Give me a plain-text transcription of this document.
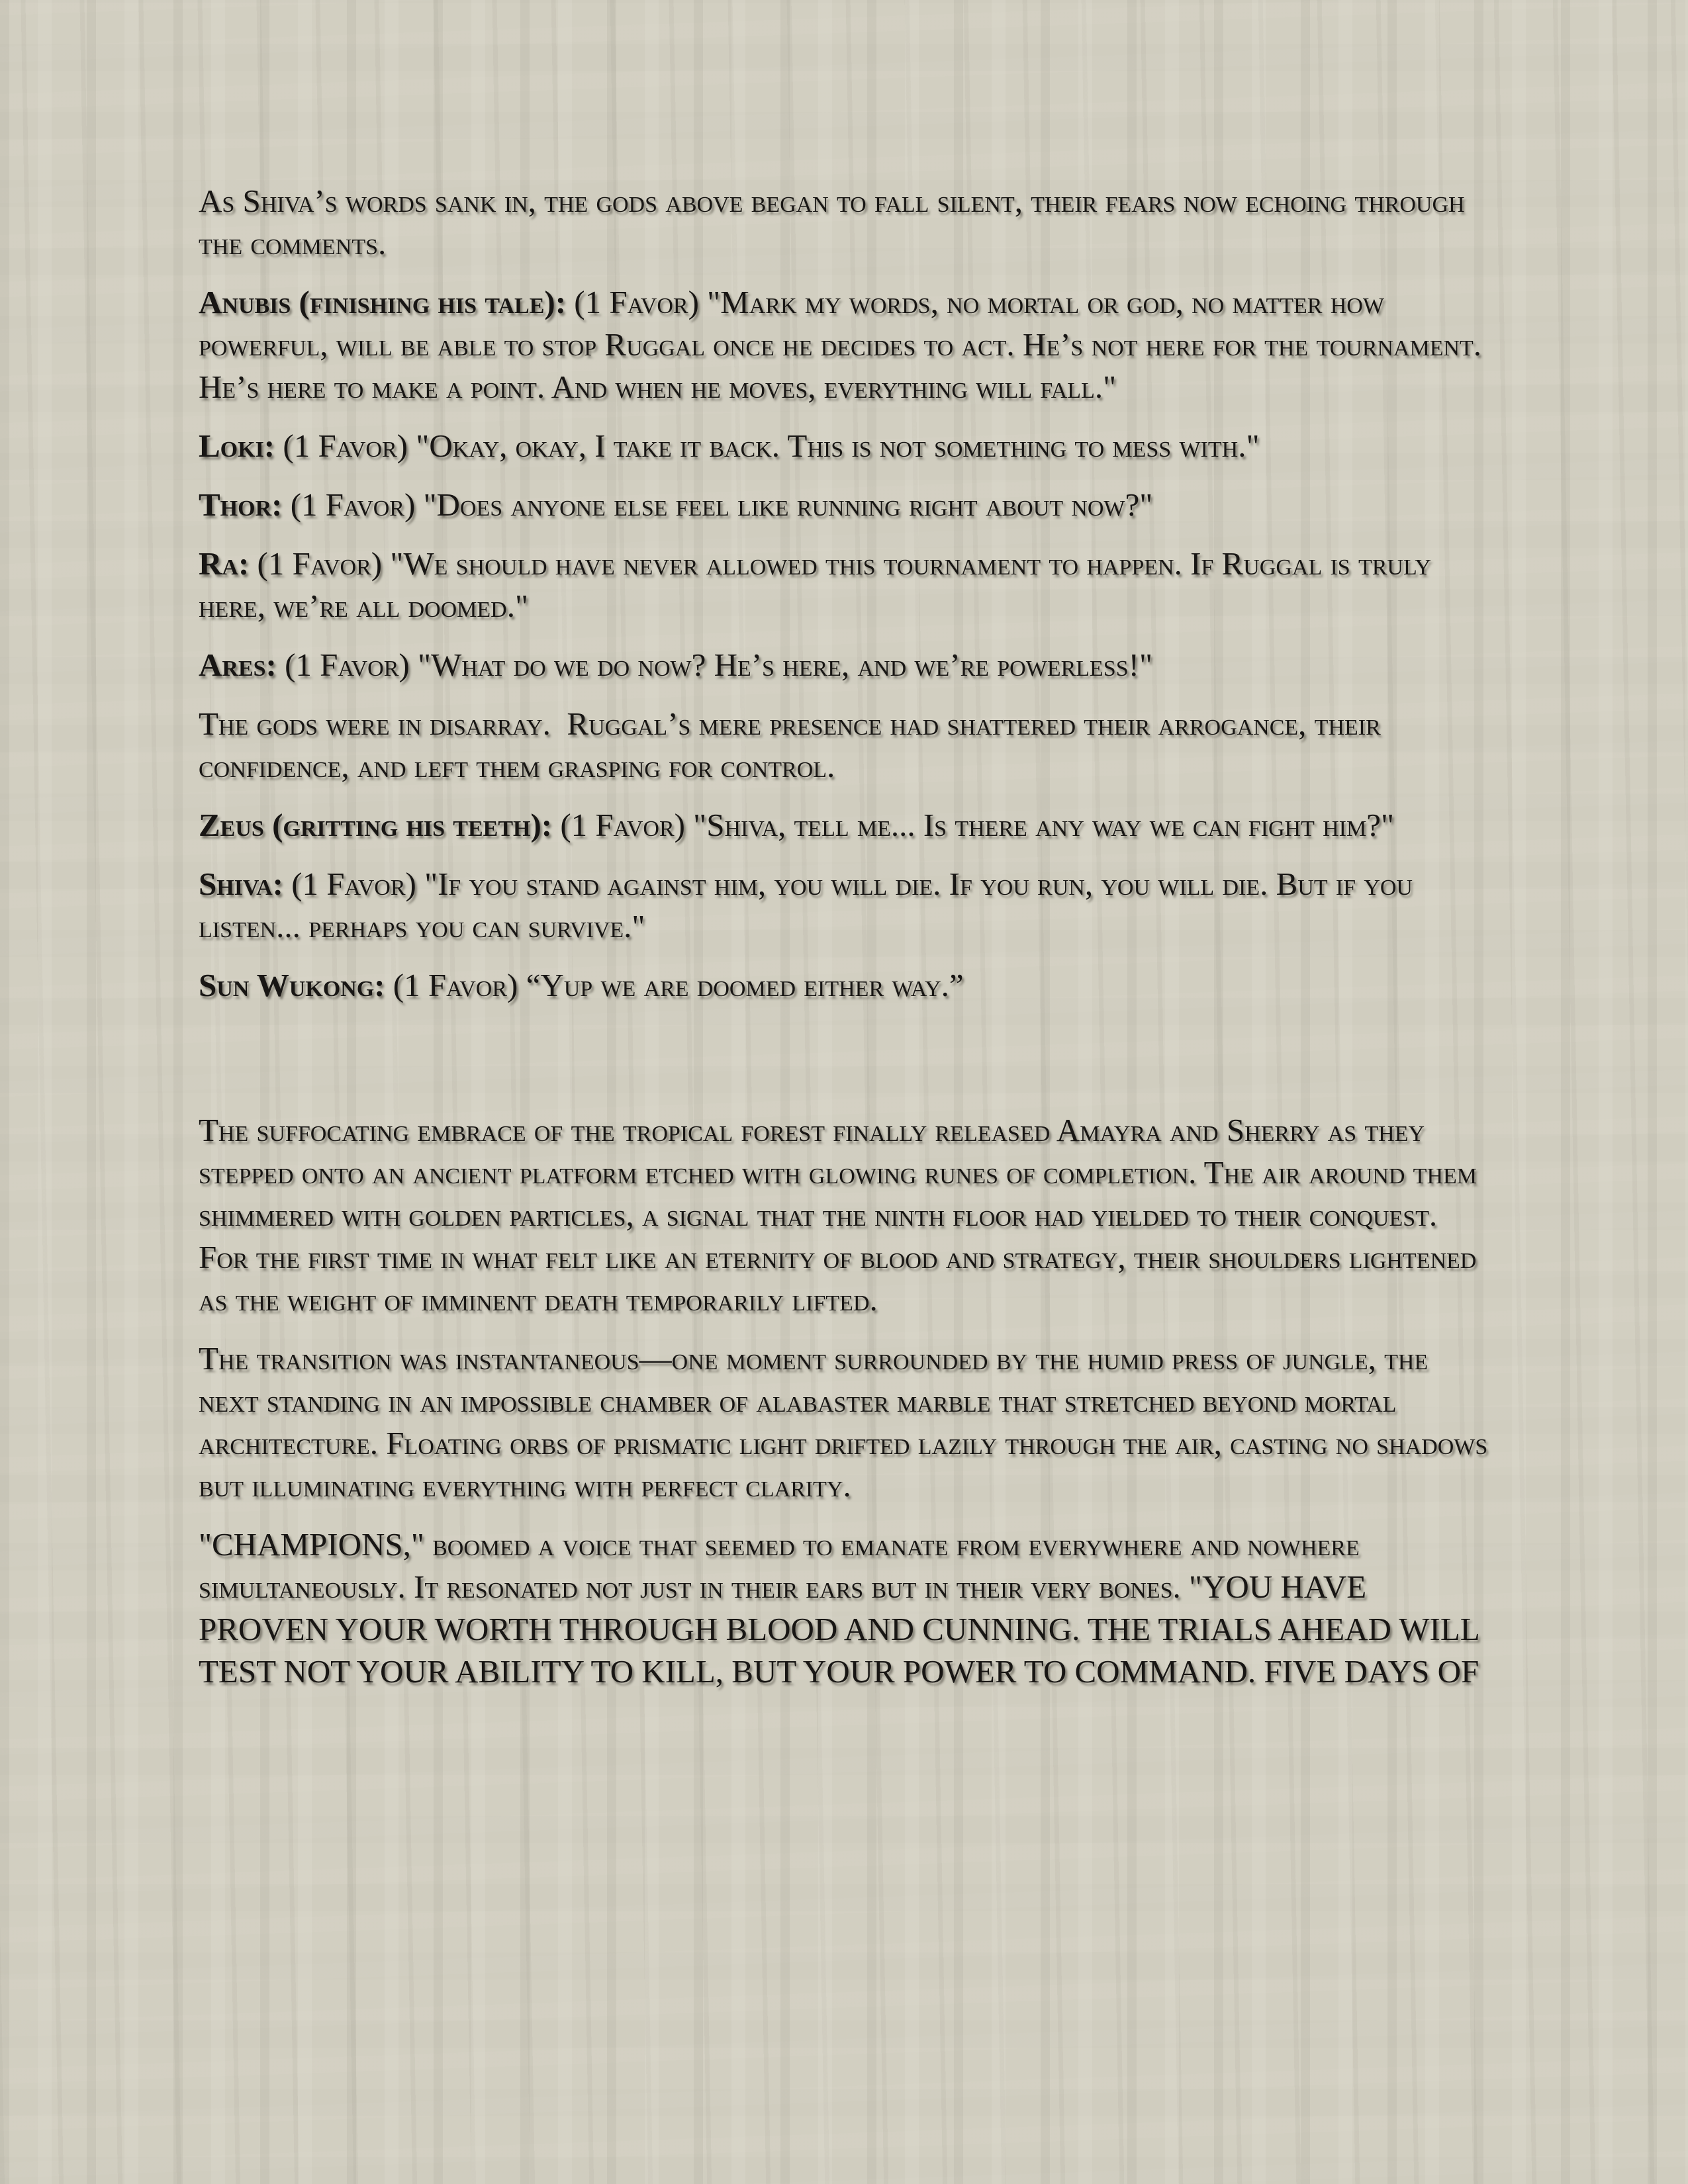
As Shiva’s words sank in, the gods above began to fall silent, their fears now echoing through the comments.

Anubis (finishing his tale): (1 Favor) "Mark my words, no mortal or god, no matter how powerful, will be able to stop Ruggal once he decides to act. He’s not here for the tournament. He’s here to make a point. And when he moves, everything will fall."

Loki: (1 Favor) "Okay, okay, I take it back. This is not something to mess with."

Thor: (1 Favor) "Does anyone else feel like running right about now?"

Ra: (1 Favor) "We should have never allowed this tournament to happen. If Ruggal is truly here, we’re all doomed."

Ares: (1 Favor) "What do we do now? He’s here, and we’re powerless!"

The gods were in disarray.  Ruggal’s mere presence had shattered their arrogance, their confidence, and left them grasping for control.

Zeus (gritting his teeth): (1 Favor) "Shiva, tell me... Is there any way we can fight him?"

Shiva: (1 Favor) "If you stand against him, you will die. If you run, you will die. But if you listen... perhaps you can survive."

Sun Wukong: (1 Favor) “Yup we are doomed either way.”

The suffocating embrace of the tropical forest finally released Amayra and Sherry as they stepped onto an ancient platform etched with glowing runes of completion. The air around them shimmered with golden particles, a signal that the ninth floor had yielded to their conquest. For the first time in what felt like an eternity of blood and strategy, their shoulders lightened as the weight of imminent death temporarily lifted.

The transition was instantaneous—one moment surrounded by the humid press of jungle, the next standing in an impossible chamber of alabaster marble that stretched beyond mortal architecture. Floating orbs of prismatic light drifted lazily through the air, casting no shadows but illuminating everything with perfect clarity.

"CHAMPIONS," boomed a voice that seemed to emanate from everywhere and nowhere simultaneously. It resonated not just in their ears but in their very bones. "YOU HAVE PROVEN YOUR WORTH THROUGH BLOOD AND CUNNING. THE TRIALS AHEAD WILL TEST NOT YOUR ABILITY TO KILL, BUT YOUR POWER TO COMMAND. FIVE DAYS OF
